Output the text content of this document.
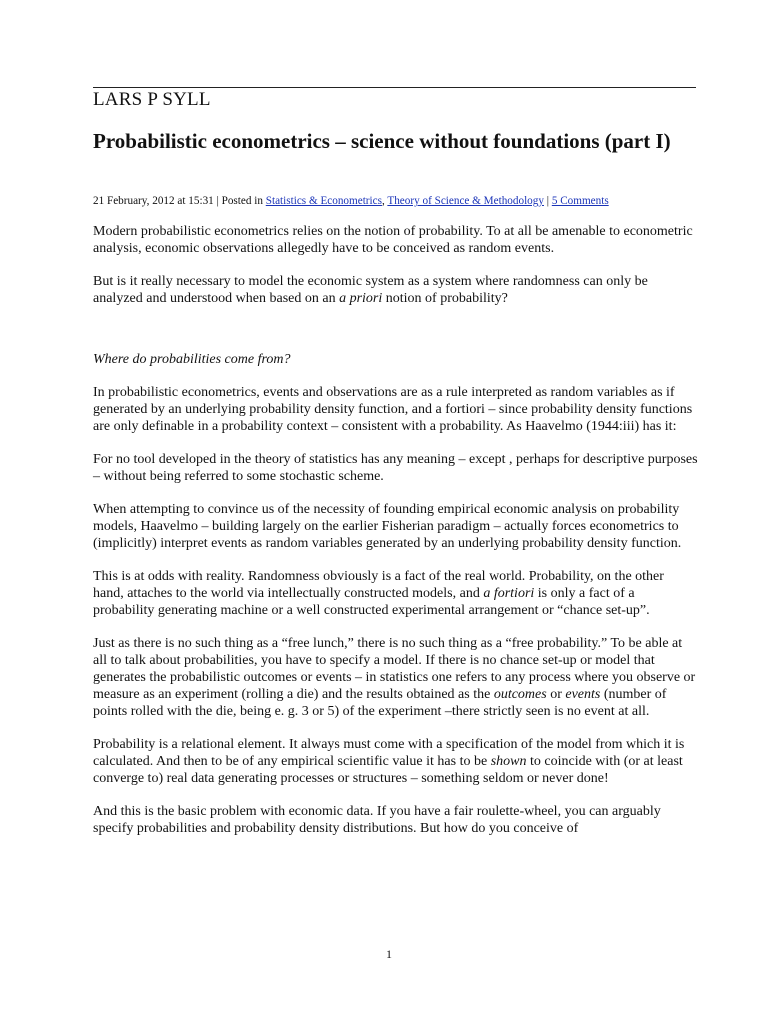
LARS P SYLL
Probabilistic econometrics – science without foundations (part I)
21 February, 2012 at 15:31 | Posted in Statistics & Econometrics, Theory of Science & Methodology | 5 Comments

Modern probabilistic econometrics relies on the notion of probability. To at all be amenable to econometric analysis, economic observations allegedly have to be conceived as random events.

But is it really necessary to model the economic system as a system where randomness can only be analyzed and understood when based on an a priori notion of probability?

Where do probabilities come from?

In probabilistic econometrics, events and observations are as a rule interpreted as random variables as if generated by an underlying probability density function, and a fortiori – since probability density functions are only definable in a probability context – consistent with a probability. As Haavelmo (1944:iii) has it:

For no tool developed in the theory of statistics has any meaning – except , perhaps for descriptive purposes – without being referred to some stochastic scheme.

When attempting to convince us of the necessity of founding empirical economic analysis on probability models, Haavelmo – building largely on the earlier Fisherian paradigm – actually forces econometrics to (implicitly) interpret events as random variables generated by an underlying probability density function.

This is at odds with reality. Randomness obviously is a fact of the real world. Probability, on the other hand, attaches to the world via intellectually constructed models, and a fortiori is only a fact of a probability generating machine or a well constructed experimental arrangement or “chance set-up”.

Just as there is no such thing as a “free lunch,” there is no such thing as a “free probability.” To be able at all to talk about probabilities, you have to specify a model. If there is no chance set-up or model that generates the probabilistic outcomes or events – in statistics one refers to any process where you observe or measure as an experiment (rolling a die) and the results obtained as the outcomes or events (number of points rolled with the die, being e. g. 3 or 5) of the experiment –there strictly seen is no event at all.

Probability is a relational element. It always must come with a specification of the model from which it is calculated. And then to be of any empirical scientific value it has to be shown to coincide with (or at least converge to) real data generating processes or structures – something seldom or never done!

And this is the basic problem with economic data. If you have a fair roulette-wheel, you can arguably specify probabilities and probability density distributions. But how do you conceive of

1
